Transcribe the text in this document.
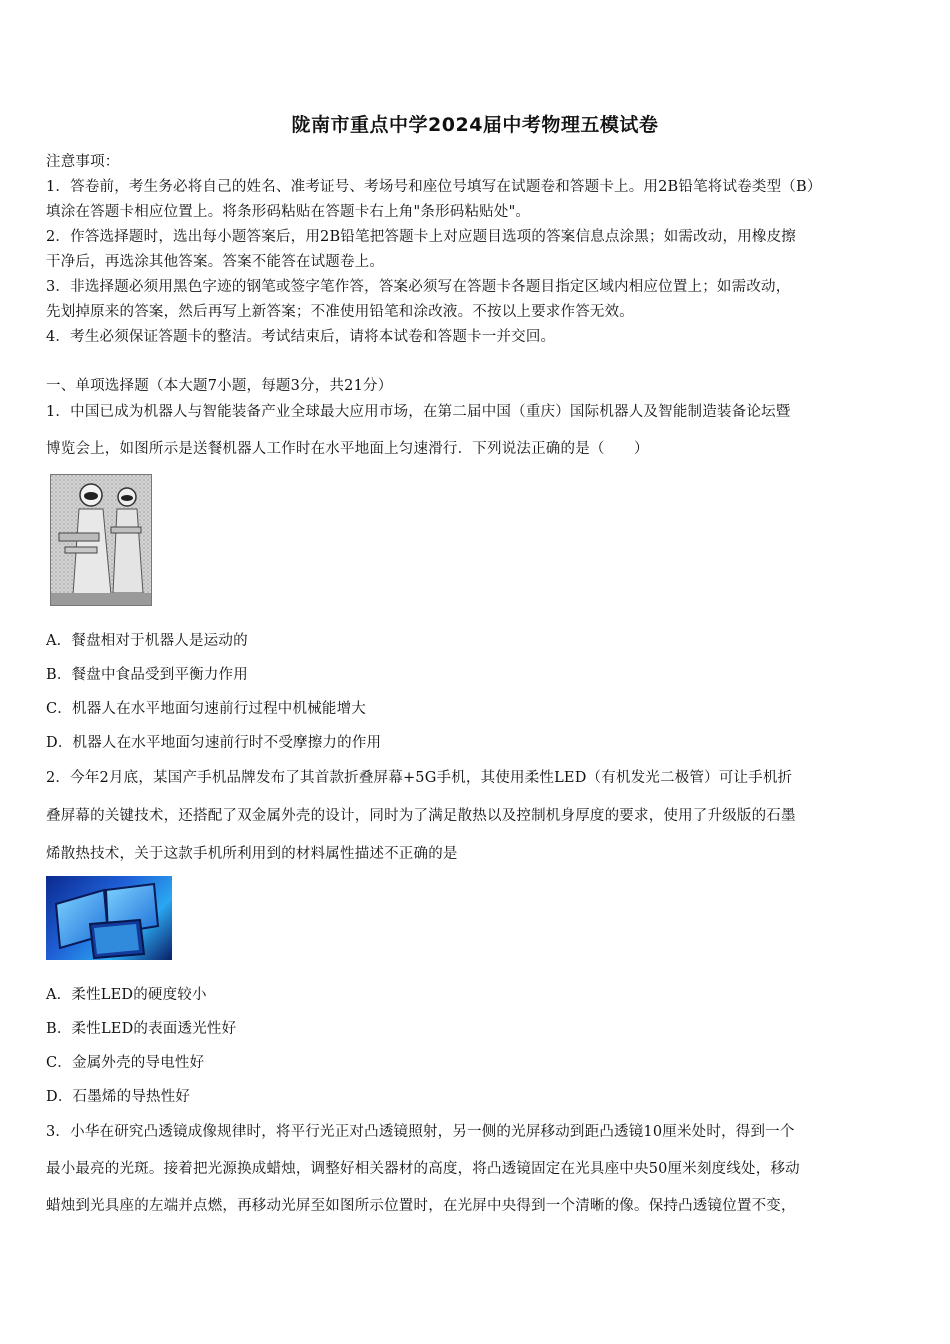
陇南市重点中学2024届中考物理五模试卷
注意事项：
1．答卷前，考生务必将自己的姓名、准考证号、考场号和座位号填写在试题卷和答题卡上。用2B铅笔将试卷类型（B）
填涂在答题卡相应位置上。将条形码粘贴在答题卡右上角"条形码粘贴处"。
2．作答选择题时，选出每小题答案后，用2B铅笔把答题卡上对应题目选项的答案信息点涂黑；如需改动，用橡皮擦
干净后，再选涂其他答案。答案不能答在试题卷上。
3．非选择题必须用黑色字迹的钢笔或签字笔作答，答案必须写在答题卡各题目指定区域内相应位置上；如需改动，
先划掉原来的答案，然后再写上新答案；不准使用铅笔和涂改液。不按以上要求作答无效。
4．考生必须保证答题卡的整洁。考试结束后，请将本试卷和答题卡一并交回。
一、单项选择题（本大题7小题，每题3分，共21分）
1．中国已成为机器人与智能装备产业全球最大应用市场，在第二届中国（重庆）国际机器人及智能制造装备论坛暨
博览会上，如图所示是送餐机器人工作时在水平地面上匀速滑行．下列说法正确的是（　　）
A．餐盘相对于机器人是运动的
B．餐盘中食品受到平衡力作用
C．机器人在水平地面匀速前行过程中机械能增大
D．机器人在水平地面匀速前行时不受摩擦力的作用
2．今年2月底，某国产手机品牌发布了其首款折叠屏幕+5G手机，其使用柔性LED（有机发光二极管）可让手机折
叠屏幕的关键技术，还搭配了双金属外壳的设计，同时为了满足散热以及控制机身厚度的要求，使用了升级版的石墨
烯散热技术，关于这款手机所利用到的材料属性描述不正确的是
A．柔性LED的硬度较小
B．柔性LED的表面透光性好
C．金属外壳的导电性好
D．石墨烯的导热性好
3．小华在研究凸透镜成像规律时，将平行光正对凸透镜照射，另一侧的光屏移动到距凸透镜10厘米处时，得到一个
最小最亮的光斑。接着把光源换成蜡烛，调整好相关器材的高度，将凸透镜固定在光具座中央50厘米刻度线处，移动
蜡烛到光具座的左端并点燃，再移动光屏至如图所示位置时，在光屏中央得到一个清晰的像。保持凸透镜位置不变，
